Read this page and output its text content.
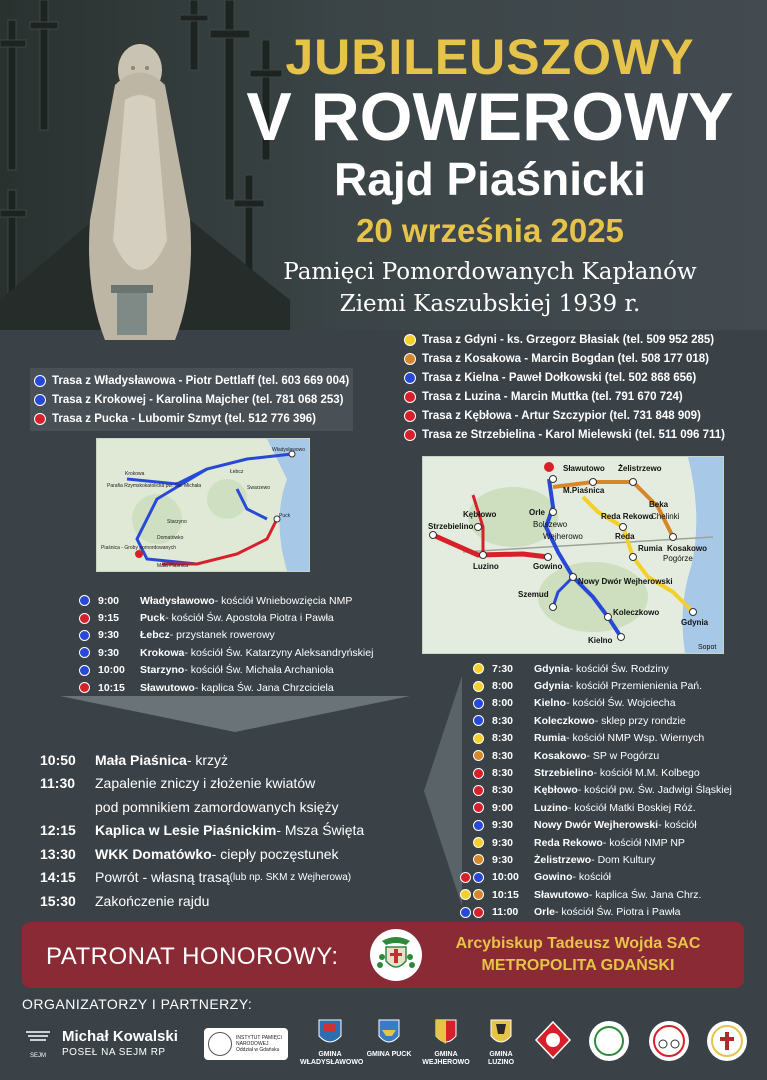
JUBILEUSZOWY
V ROWEROWY
Rajd Piaśnicki
20 września 2025
Pamięci Pomordowanych Kapłanów
Ziemi Kaszubskiej 1939 r.
Trasa z Władysławowa - Piotr Dettlaff (tel. 603 669 004)
Trasa z Krokowej - Karolina Majcher (tel. 781 068 253)
Trasa z Pucka - Lubomir Szmyt (tel. 512 776 396)
Trasa z Gdyni - ks. Grzegorz Błasiak (tel. 509 952 285)
Trasa z Kosakowa - Marcin Bogdan (tel. 508 177 018)
Trasa z Kielna - Paweł Dołkowski (tel. 502 868 656)
Trasa z Luzina - Marcin Muttka (tel. 791 670 724)
Trasa z Kębłowa - Artur Szczypior (tel. 731 848 909)
Trasa ze Strzebielina - Karol Mielewski (tel. 511 096 711)
Władysławowo
Krokowa
Parafia Rzymskokatolicka pw. Św. Michała
Łebcz
Swarzewo
Puck
Domatówko
Piaśnica - Groby pomordowanych
Mała Piaśnica
Starzyno
Sławutowo Żelistrzewo
M.Piaśnica
Kębłowo	Orle	Reda Rekowo
Beka
Bolszewo
Reda
Chelinki
Strzebielino
Wejherowo
Rumia Kosakowo
Luzino	Gowino
Pogórze
Nowy Dwór Wejherowski
Szemud
Koleczkowo
Gdynia
Kielno
Sopot
9:00	Władysławowo - kościół Wniebowzięcia NMP
9:15	Puck - kościół Św. Apostoła Piotra i Pawła
9:30	Łebcz - przystanek rowerowy
9:30	Krokowa - kościół Św. Katarzyny Aleksandryńskiej
10:00	Starzyno - kościół Św. Michała Archanioła
10:15	Sławutowo - kaplica Św. Jana Chrzciciela
7:30	Gdynia - kościół Św. Rodziny
8:00	Gdynia - kościół Przemienienia Pań.
8:00	Kielno - kościół Św. Wojciecha
8:30	Koleczkowo - sklep przy rondzie
8:30	Rumia - kościół NMP Wsp. Wiernych
8:30	Kosakowo - SP w Pogórzu
8:30	Strzebielino - kościół M.M. Kolbego
8:30	Kębłowo - kościół pw. Św. Jadwigi Śląskiej
9:00	Luzino - kościół Matki Boskiej Róż.
9:30	Nowy Dwór Wejherowski - kościół
9:30	Reda Rekowo - kościół NMP NP
9:30	Żelistrzewo - Dom Kultury
10:00	Gowino - kościół
10:15	Sławutowo - kaplica Św. Jana Chrz.
11:00	Orle - kościół Św. Piotra i Pawła
10:50	Mała Piaśnica - krzyż
11:30	Zapalenie zniczy i złożenie kwiatów
pod pomnikiem zamordowanych księży
12:15	Kaplica w Lesie Piaśnickim - Msza Święta
13:30	WKK Domatówko - ciepły poczęstunek
14:15	Powrót - własną trasą (lub np. SKM z Wejherowa)
15:30	Zakończenie rajdu
PATRONAT HONOROWY:	Arcybiskup Tadeusz Wojda SAC
METROPOLITA GDAŃSKI
ORGANIZATORZY I PARTNERZY:
SEJM
Michał Kowalski
POSEŁ NA SEJM RP
INSTYTUT PAMIĘCI NARODOWEJ
Oddział w Gdańsku
GMINA WŁADYSŁAWOWO
GMINA PUCK	GMINA WEJHEROWO
GMINA LUZINO
